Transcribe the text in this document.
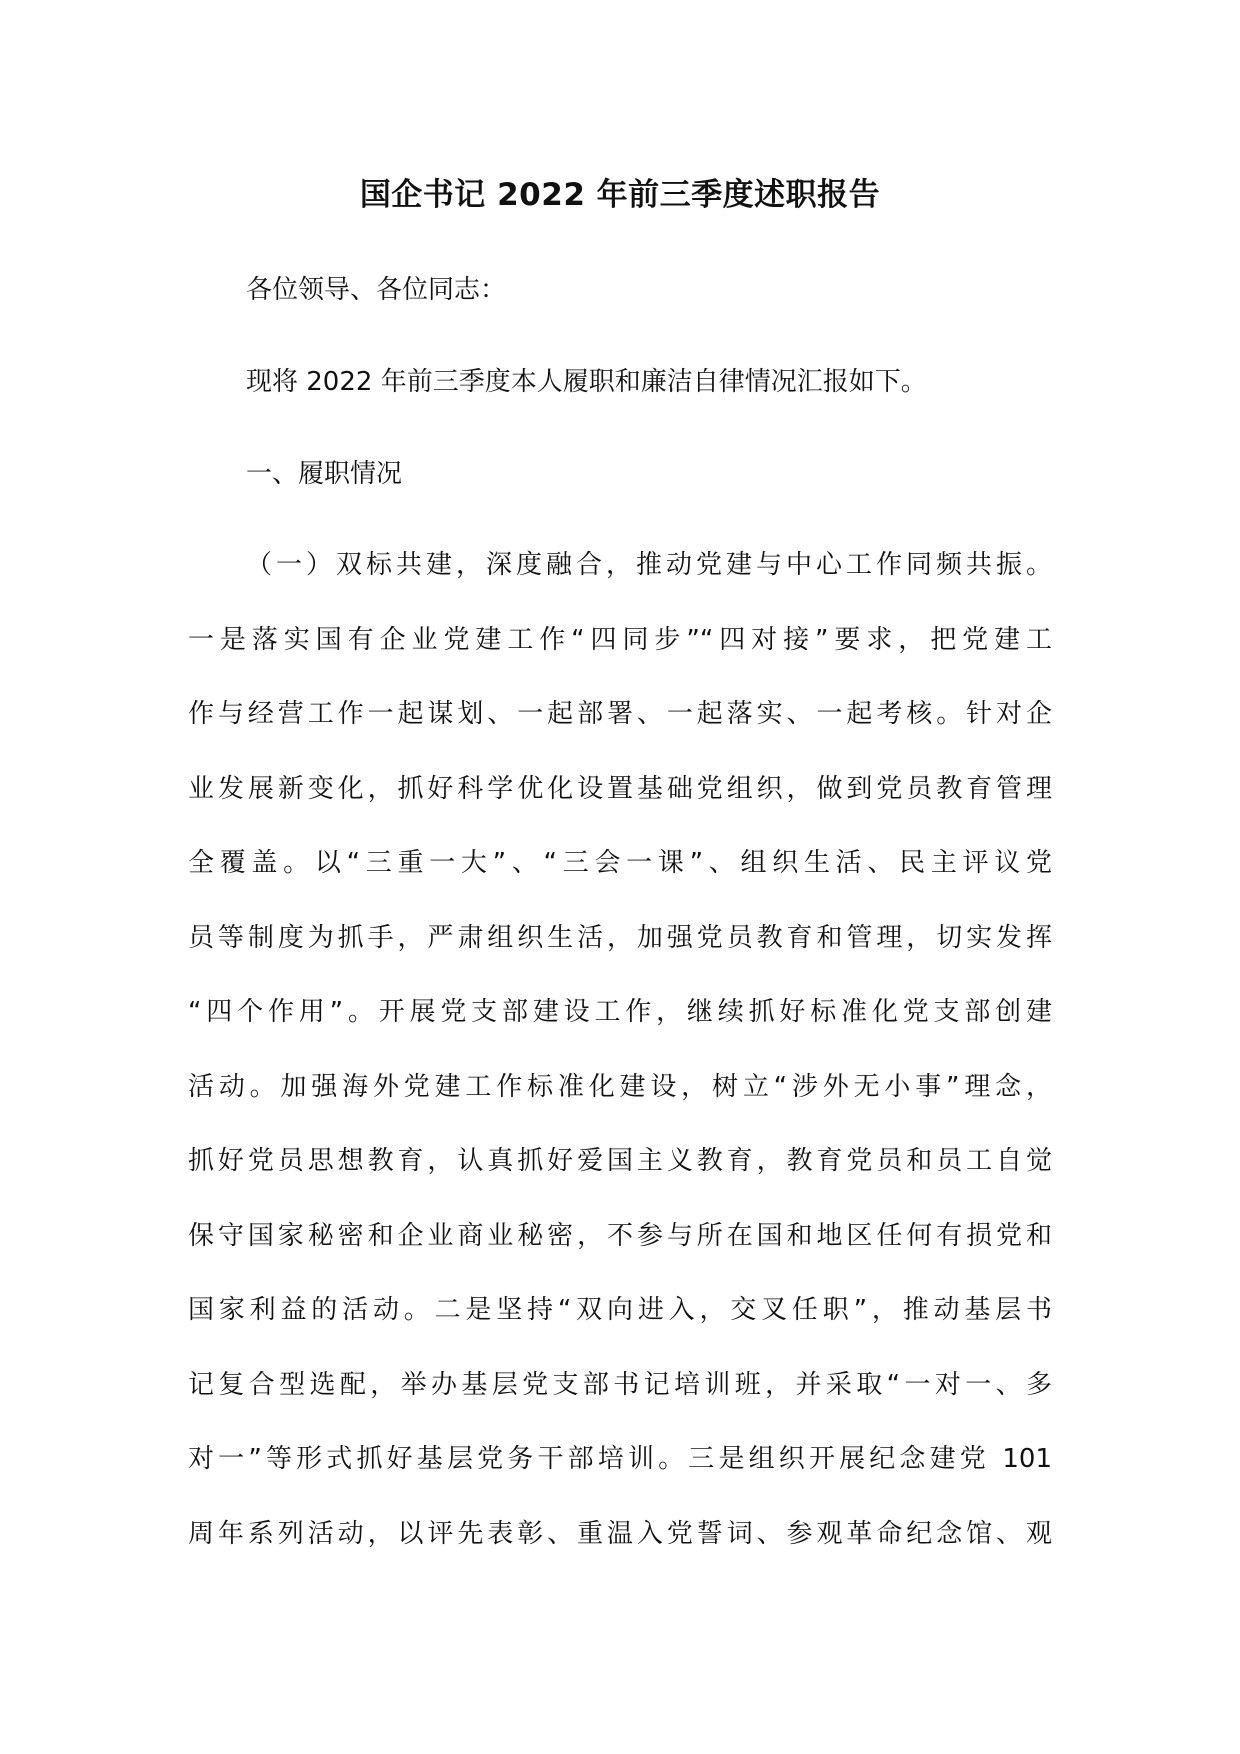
国企书记 2022 年前三季度述职报告

各位领导、各位同志：

现将 2022 年前三季度本人履职和廉洁自律情况汇报如下。

一、履职情况

（一）双标共建，深度融合，推动党建与中心工作同频共振。
一是落实国有企业党建工作“四同步”“四对接”要求，把党建工
作与经营工作一起谋划、一起部署、一起落实、一起考核。针对企
业发展新变化，抓好科学优化设置基础党组织，做到党员教育管理
全覆盖。以“三重一大”、“三会一课”、组织生活、民主评议党
员等制度为抓手，严肃组织生活，加强党员教育和管理，切实发挥
“四个作用”。开展党支部建设工作，继续抓好标准化党支部创建
活动。加强海外党建工作标准化建设，树立“涉外无小事”理念，
抓好党员思想教育，认真抓好爱国主义教育，教育党员和员工自觉
保守国家秘密和企业商业秘密，不参与所在国和地区任何有损党和
国家利益的活动。二是坚持“双向进入，交叉任职”，推动基层书
记复合型选配，举办基层党支部书记培训班，并采取“一对一、多
对一”等形式抓好基层党务干部培训。三是组织开展纪念建党 101
周年系列活动，以评先表彰、重温入党誓词、参观革命纪念馆、观
